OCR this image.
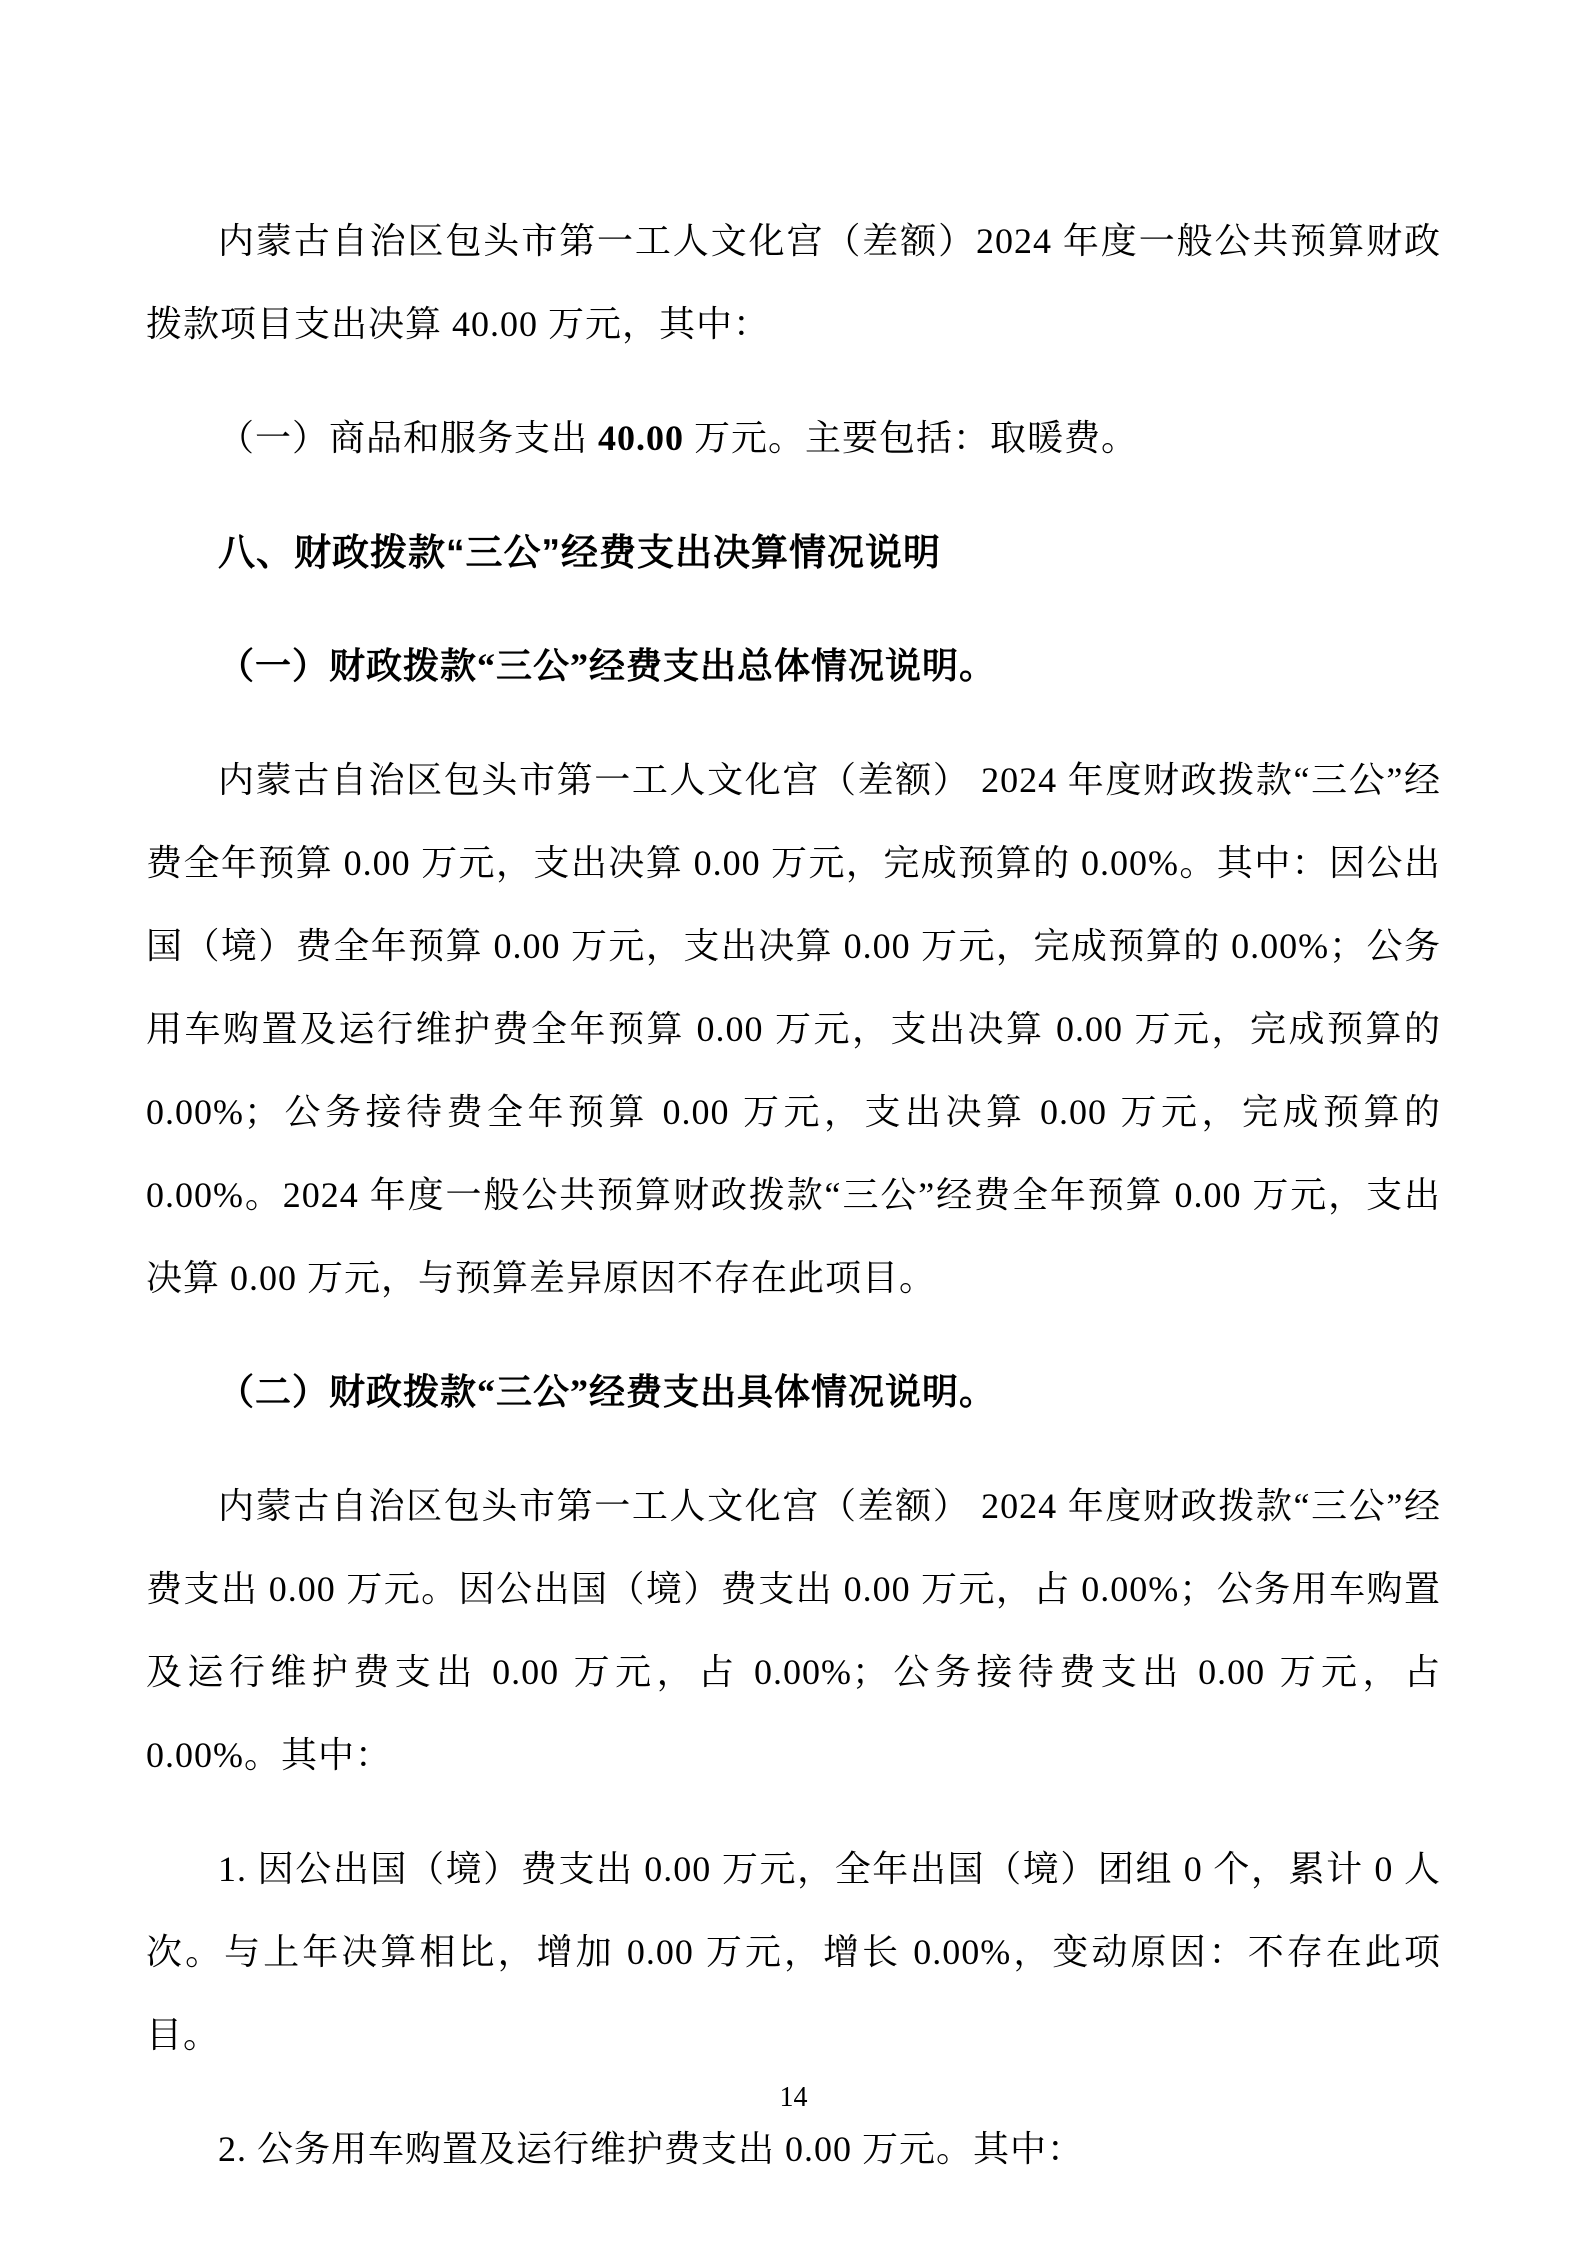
内蒙古自治区包头市第一工人文化宫（差额）2024 年度一般公共预算财政拨款项目支出决算 40.00 万元，其中：

（一）商品和服务支出 40.00 万元。主要包括：取暖费。

八、财政拨款“三公”经费支出决算情况说明
（一）财政拨款“三公”经费支出总体情况说明。

内蒙古自治区包头市第一工人文化宫（差额） 2024 年度财政拨款“三公”经费全年预算 0.00 万元，支出决算 0.00 万元，完成预算的 0.00%。其中：因公出国（境）费全年预算 0.00 万元，支出决算 0.00 万元，完成预算的 0.00%；公务用车购置及运行维护费全年预算 0.00 万元，支出决算 0.00 万元，完成预算的 0.00%；公务接待费全年预算 0.00 万元，支出决算 0.00 万元，完成预算的 0.00%。2024 年度一般公共预算财政拨款“三公”经费全年预算 0.00 万元，支出决算 0.00 万元，与预算差异原因不存在此项目。

（二）财政拨款“三公”经费支出具体情况说明。

内蒙古自治区包头市第一工人文化宫（差额） 2024 年度财政拨款“三公”经费支出 0.00 万元。因公出国（境）费支出 0.00 万元，占 0.00%；公务用车购置及运行维护费支出 0.00 万元，占 0.00%；公务接待费支出 0.00 万元，占 0.00%。其中：

1. 因公出国（境）费支出 0.00 万元，全年出国（境）团组 0 个，累计 0 人次。与上年决算相比，增加 0.00 万元，增长 0.00%，变动原因：不存在此项目。

2. 公务用车购置及运行维护费支出 0.00 万元。其中：

14
